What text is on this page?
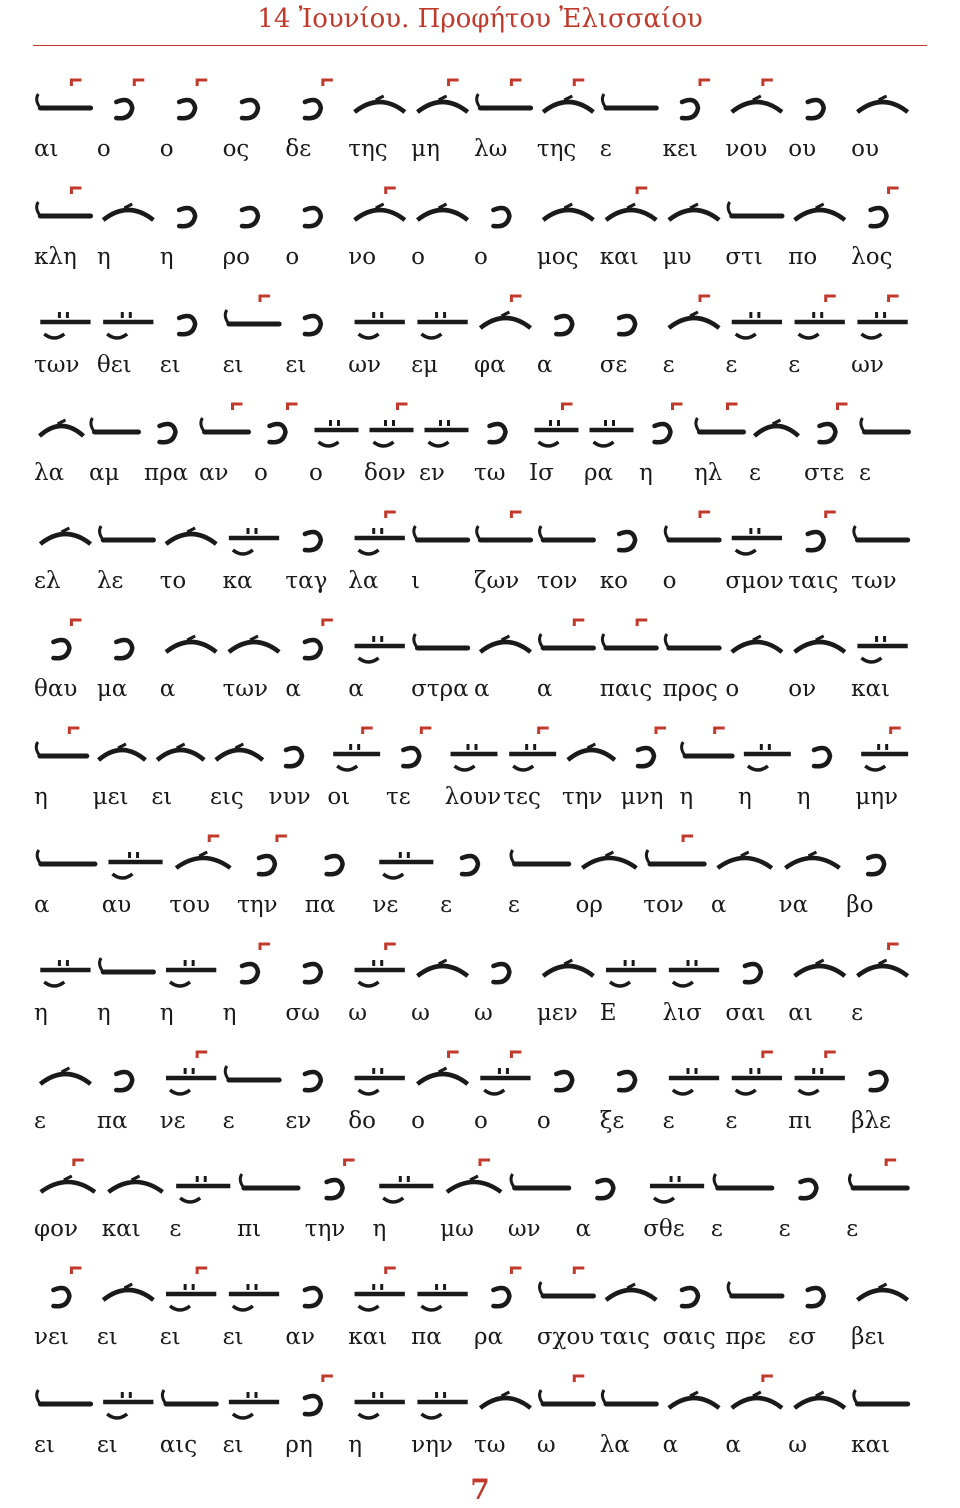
14 Ἰουνίου. Προφήτου Ἐλισσαίου
αι ο ο ος δε της μη λω της ε κει νου ου ου
κλη η η ρο ο νο ο ο μος και μυ στι πο λος
των θει ει ει ει ων εμ φα α σε ε ε ε ων
λα αμ πρα αν ο ο δον εν τω Ισ ρα η ηλ ε στε ε
ελ λε το κα ταγ λα ι ζων τον κο ο σμον ταις των
θαυ μα α των α α στρα α α παις προς ο ον και
η μει ει εις νυν οι τε λουν τες την μνη η η η μην
α αυ του την πα νε ε ε ορ τον α να βο
η η η η σω ω ω ω μεν Ε λισ σαι αι ε
ε πα νε ε εν δο ο ο ο ξε ε ε πι βλε
φον και ε πι την η μω ων α σθε ε ε ε
νει ει ει ει αν και πα ρα σχου ταις σαις πρε εσ βει
ει ει αις ει ρη η νην τω ω λα α α ω και
7
